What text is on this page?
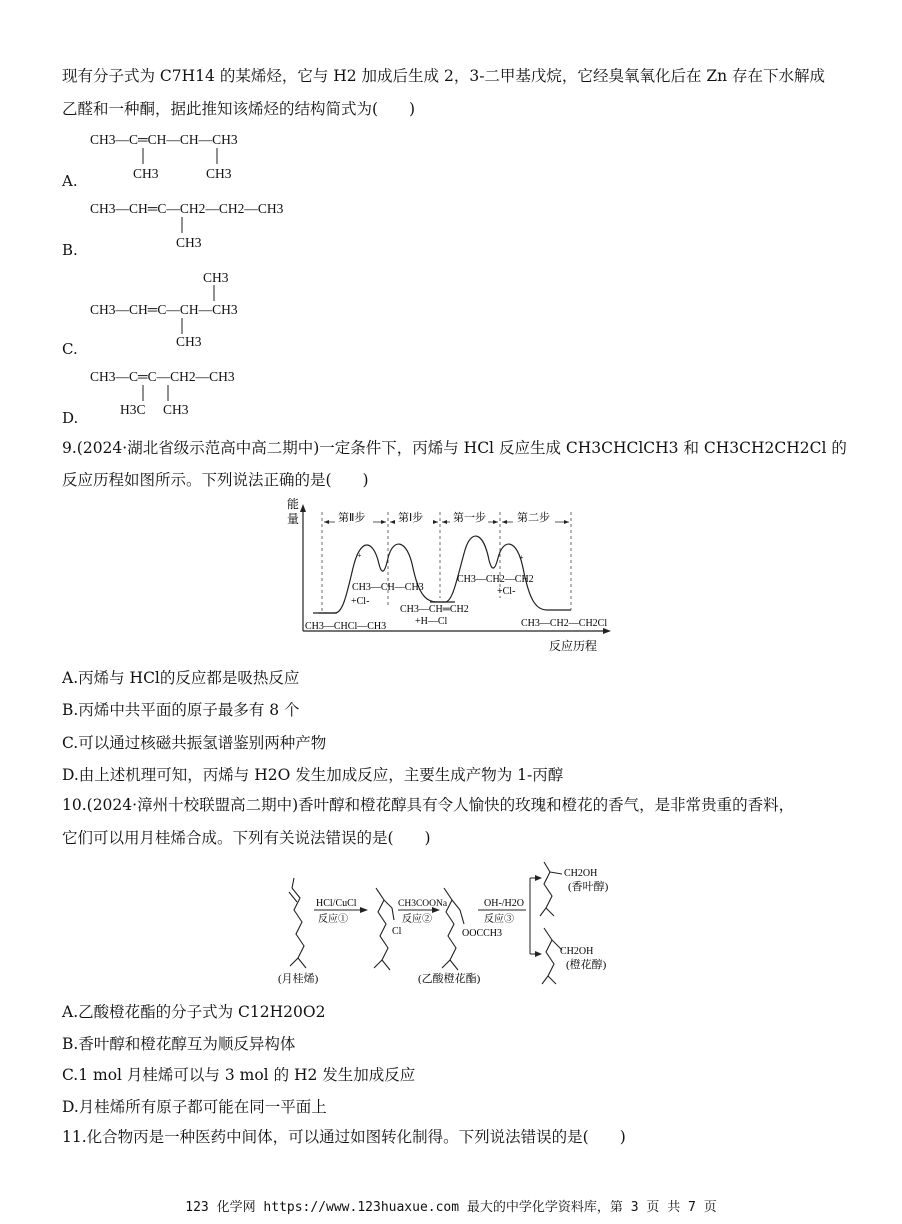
现有分子式为 C7H14 的某烯烃，它与 H2 加成后生成 2，3-二甲基戊烷，它经臭氧氧化后在 Zn 存在下水解成
乙醛和一种酮，据此推知该烯烃的结构简式为(　　)
CH3—C═CH—CH—CH3
CH3	CH3
A.
CH3—CH═C—CH2—CH2—CH3
CH3
B.
CH3
CH3—CH═C—CH—CH3
CH3
C.
CH3—C═C—CH2—CH3
H3C CH3
D.
9.(2024·湖北省级示范高中高二期中)一定条件下，丙烯与 HCl 反应生成 CH3CHClCH3 和 CH3CH2CH2Cl 的
反应历程如图所示。下列说法正确的是(　　)
能
量
反应历程
第Ⅱ步	第Ⅰ步	第一步	第二步
CH3—CHCl—CH3
+
CH3—CH—CH3
+Cl-
CH3—CH═CH2
+H—Cl
+
CH3—CH2—CH2
+Cl-
CH3—CH2—CH2Cl
A.丙烯与 HCl的反应都是吸热反应
B.丙烯中共平面的原子最多有 8 个
C.可以通过核磁共振氢谱鉴别两种产物
D.由上述机理可知，丙烯与 H2O 发生加成反应，主要生成产物为 1-丙醇
10.(2024·漳州十校联盟高二期中)香叶醇和橙花醇具有令人愉快的玫瑰和橙花的香气，是非常贵重的香料，
它们可以用月桂烯合成。下列有关说法错误的是(　　)
HCl/CuCl
反应①
CH3COONa
反应②
OH-/H2O
反应③
Cl	OOCCH3
CH2OH
CH2OH
(月桂烯)	(乙酸橙花酯)
(香叶醇)
(橙花醇)
A.乙酸橙花酯的分子式为 C12H20O2
B.香叶醇和橙花醇互为顺反异构体
C.1 mol 月桂烯可以与 3 mol 的 H2 发生加成反应
D.月桂烯所有原子都可能在同一平面上
11.化合物丙是一种医药中间体，可以通过如图转化制得。下列说法错误的是(　　)
123 化学网 https://www.123huaxue.com 最大的中学化学资料库，第 3 页 共 7 页
